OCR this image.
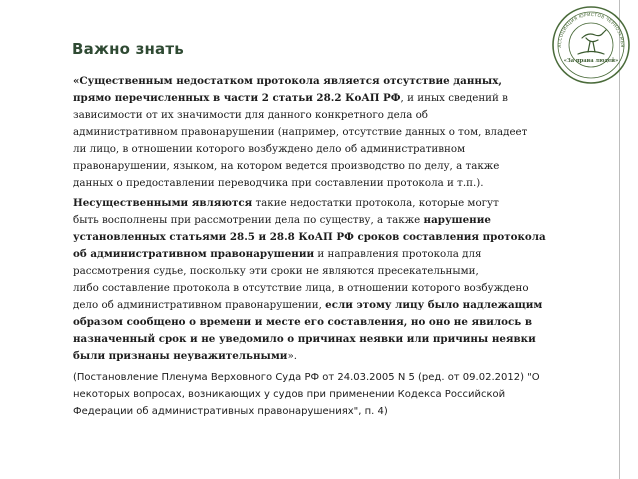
Важно знать	АССОЦИАЦИЯ ЮРИСТОВ ЧЕРНОЗЕМЬЯ
«За права людей»

«Существенным недостатком протокола является отсутствие данных,
прямо перечисленных в части 2 статьи 28.2 КоАП РФ, и иных сведений в
зависимости от их значимости для данного конкретного дела об
административном правонарушении (например, отсутствие данных о том, владеет
ли лицо, в отношении которого возбуждено дело об административном
правонарушении, языком, на котором ведется производство по делу, а также
данных о предоставлении переводчика при составлении протокола и т.п.).

Несущественными являются такие недостатки протокола, которые могут
быть восполнены при рассмотрении дела по существу, а также нарушение
установленных статьями 28.5 и 28.8 КоАП РФ сроков составления протокола
об административном правонарушении и направления протокола для
рассмотрения судье, поскольку эти сроки не являются пресекательными,
либо составление протокола в отсутствие лица, в отношении которого возбуждено
дело об административном правонарушении, если этому лицу было надлежащим
образом сообщено о времени и месте его составления, но оно не явилось в
назначенный срок и не уведомило о причинах неявки или причины неявки
были признаны неуважительными».

(Постановление Пленума Верховного Суда РФ от 24.03.2005 N 5 (ред. от 09.02.2012) "О
некоторых вопросах, возникающих у судов при применении Кодекса Российской
Федерации об административных правонарушениях", п. 4)
